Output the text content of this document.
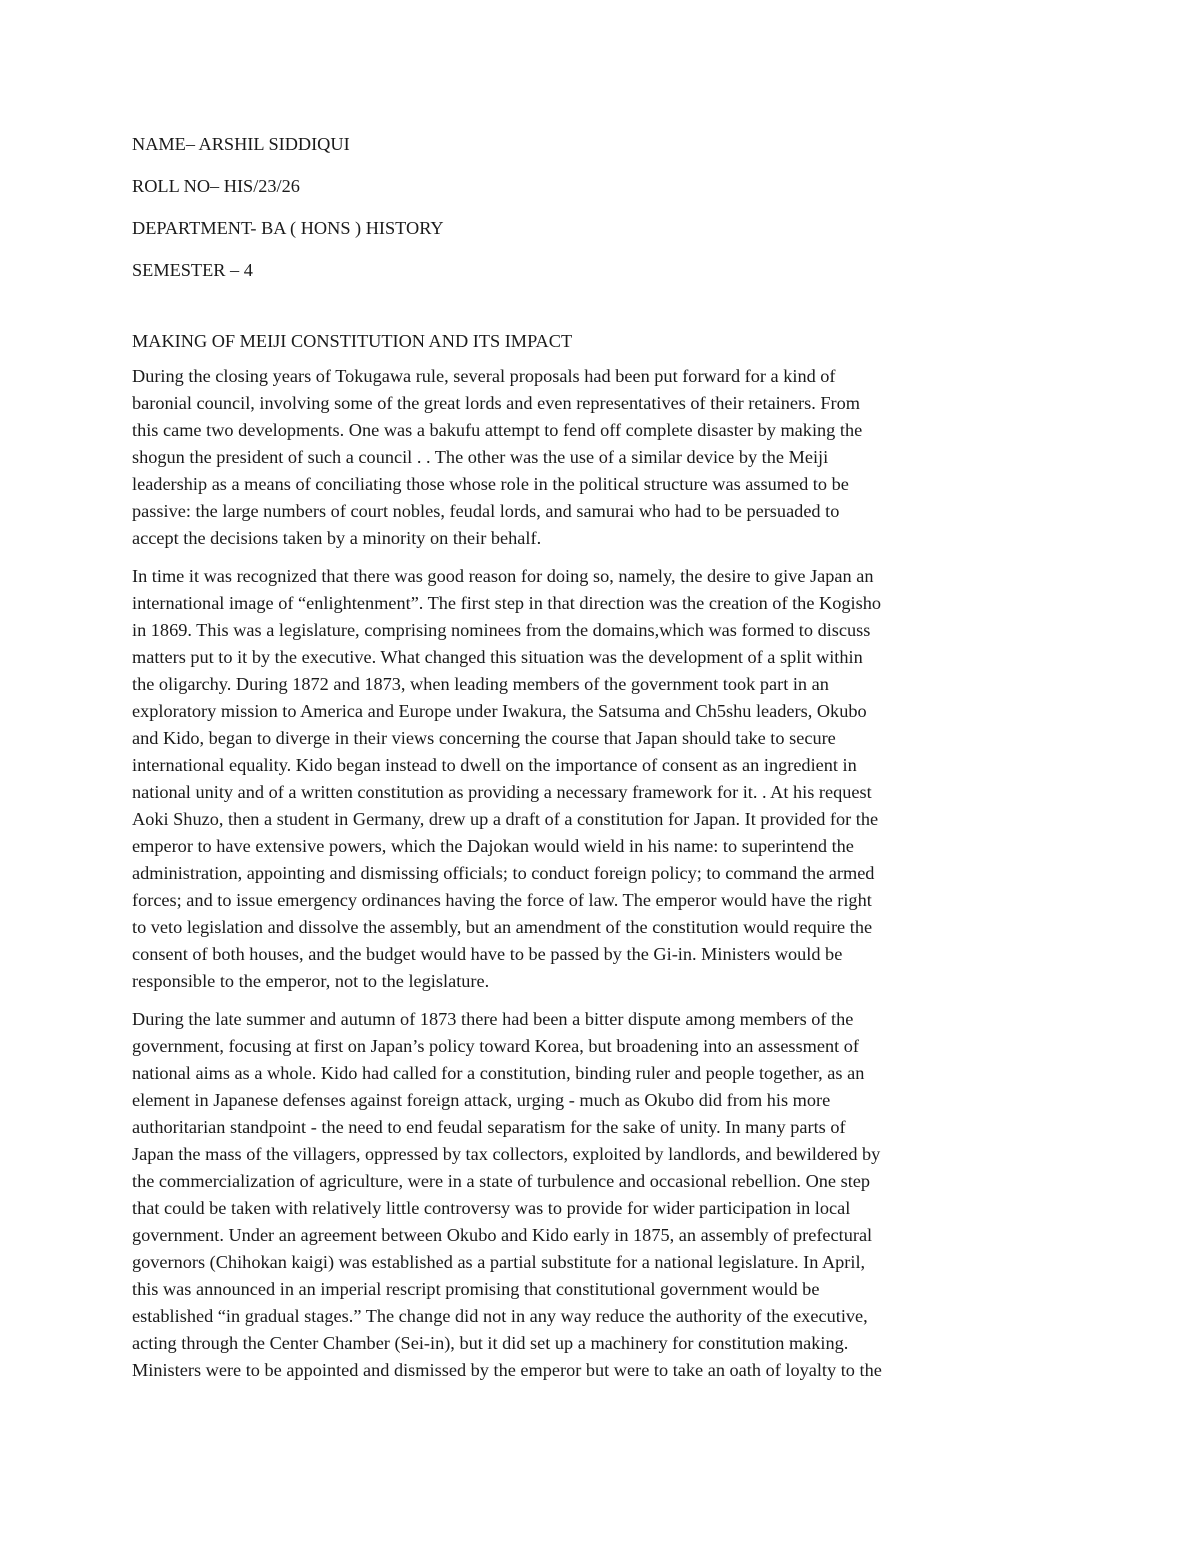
NAME– ARSHIL SIDDIQUI
ROLL NO– HIS/23/26
DEPARTMENT- BA ( HONS ) HISTORY
SEMESTER – 4
MAKING OF MEIJI CONSTITUTION AND ITS IMPACT
During the closing years of Tokugawa rule, several proposals had been put forward for a kind of
baronial council, involving some of the great lords and even representatives of their retainers. From
this came two developments. One was a bakufu attempt to fend off complete disaster by making the
shogun the president of such a council . . The other was the use of a similar device by the Meiji
leadership as a means of conciliating those whose role in the political structure was assumed to be
passive: the large numbers of court nobles, feudal lords, and samurai who had to be persuaded to
accept the decisions taken by a minority on their behalf.
In time it was recognized that there was good reason for doing so, namely, the desire to give Japan an
international image of “enlightenment”. The first step in that direction was the creation of the Kogisho
in 1869. This was a legislature, comprising nominees from the domains,which was formed to discuss
matters put to it by the executive. What changed this situation was the development of a split within
the oligarchy. During 1872 and 1873, when leading members of the government took part in an
exploratory mission to America and Europe under Iwakura, the Satsuma and Ch5shu leaders, Okubo
and Kido, began to diverge in their views concerning the course that Japan should take to secure
international equality. Kido began instead to dwell on the importance of consent as an ingredient in
national unity and of a written constitution as providing a necessary framework for it. . At his request
Aoki Shuzo, then a student in Germany, drew up a draft of a constitution for Japan. It provided for the
emperor to have extensive powers, which the Dajokan would wield in his name: to superintend the
administration, appointing and dismissing officials; to conduct foreign policy; to command the armed
forces; and to issue emergency ordinances having the force of law. The emperor would have the right
to veto legislation and dissolve the assembly, but an amendment of the constitution would require the
consent of both houses, and the budget would have to be passed by the Gi-in. Ministers would be
responsible to the emperor, not to the legislature.
During the late summer and autumn of 1873 there had been a bitter dispute among members of the
government, focusing at first on Japan’s policy toward Korea, but broadening into an assessment of
national aims as a whole. Kido had called for a constitution, binding ruler and people together, as an
element in Japanese defenses against foreign attack, urging - much as Okubo did from his more
authoritarian standpoint - the need to end feudal separatism for the sake of unity. In many parts of
Japan the mass of the villagers, oppressed by tax collectors, exploited by landlords, and bewildered by
the commercialization of agriculture, were in a state of turbulence and occasional rebellion. One step
that could be taken with relatively little controversy was to provide for wider participation in local
government. Under an agreement between Okubo and Kido early in 1875, an assembly of prefectural
governors (Chihokan kaigi) was established as a partial substitute for a national legislature. In April,
this was announced in an imperial rescript promising that constitutional government would be
established “in gradual stages.” The change did not in any way reduce the authority of the executive,
acting through the Center Chamber (Sei-in), but it did set up a machinery for constitution making.
Ministers were to be appointed and dismissed by the emperor but were to take an oath of loyalty to the
